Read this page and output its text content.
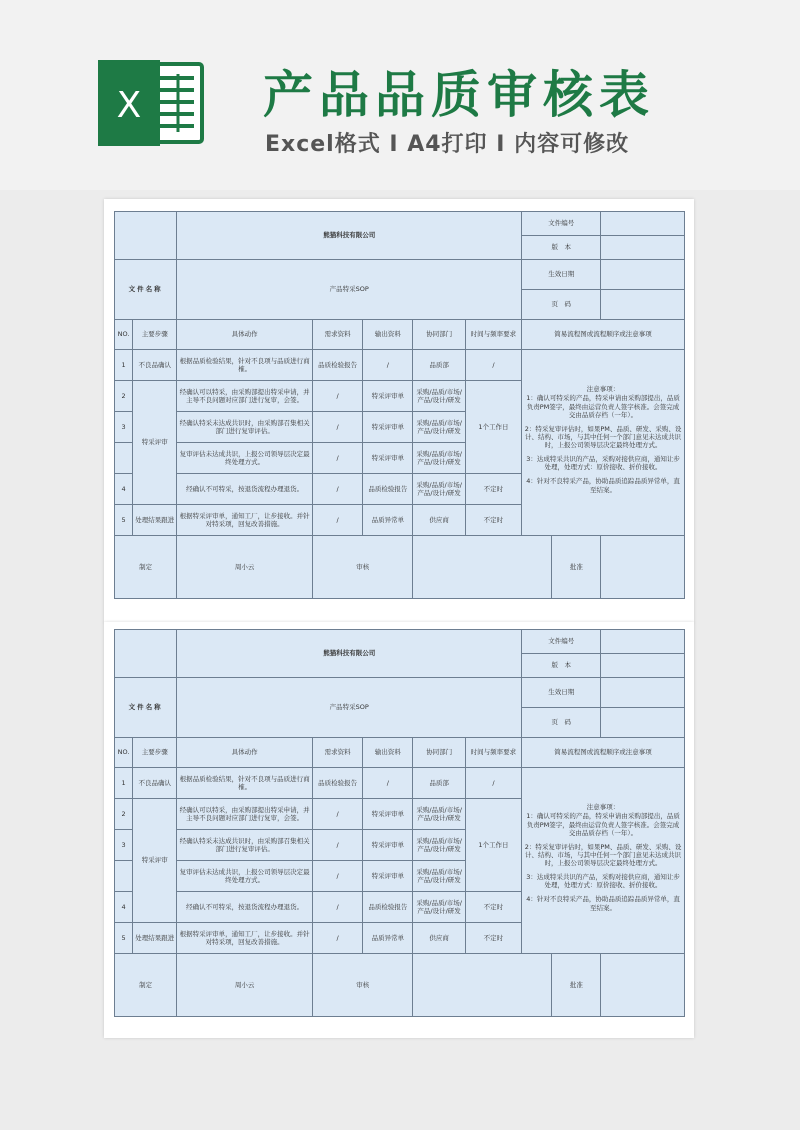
X 产品品质审核表
Excel格式 I A4打印 I 内容可修改
		熊猫科技有限公司					文件编号		
							版　本		
文件名称		产品特采SOP					生效日期		
							页　码		
NO.	主要步骤	具体动作	需求资料	输出资料	协同部门	时间与频率要求	简易流程图或流程顺序或注意事项		
1	不良品确认	根据品质检验结果，针对不良项与品质进行商榷。	品质检验报告	/	品质部	/	注意事项：
1：确认可特采的产品，特采申请由采购部提出，品质负责PM签字，最终由运营负责人签字核准。会签完成交由品质存档（一年）。
2：特采复审评估时，如果PM、品质、研发、采购、设计、结构、市场，与其中任何一个部门意见未达成共识时，上报公司领导层决定最终处理方式。
3：达成特采共识的产品，采购对接供应商，通知让步处理，处理方式：原价接收、折价接收。
4：针对不良特采产品，协助品质追踪品质异常单，直至结案。		

2	特采评审	经确认可以特采，由采购部提出特采申请，并主导不良问题对应部门进行复审，会签。	/	特采评审单	采购/品质/市场/产品/设计/研发	1个工作日			
3		经确认特采未达成共识时，由采购部召集相关部门进行复审评估。	/	特采评审单	采购/品质/市场/产品/设计/研发				
		复审评估未达成共识，上报公司领导层决定最终处理方式。	/	特采评审单	采购/品质/市场/产品/设计/研发				
4		经确认不可特采，按退货流程办理退货。	/	品质检验报告	采购/品质/市场/产品/设计/研发	不定时			
5	处理结果跟进	根据特采评审单，通知工厂，让步接收。并针对特采项，回复改善措施。	/	品质异常单	供应商	不定时			
制定		周小云	审核					批准	
		熊猫科技有限公司					文件编号		
							版　本		
文件名称		产品特采SOP					生效日期		
							页　码		
NO.	主要步骤	具体动作	需求资料	输出资料	协同部门	时间与频率要求	简易流程图或流程顺序或注意事项		
1	不良品确认	根据品质检验结果，针对不良项与品质进行商榷。	品质检验报告	/	品质部	/	注意事项：
1：确认可特采的产品，特采申请由采购部提出，品质负责PM签字，最终由运营负责人签字核准。会签完成交由品质存档（一年）。
2：特采复审评估时，如果PM、品质、研发、采购、设计、结构、市场，与其中任何一个部门意见未达成共识时，上报公司领导层决定最终处理方式。
3：达成特采共识的产品，采购对接供应商，通知让步处理，处理方式：原价接收、折价接收。
4：针对不良特采产品，协助品质追踪品质异常单，直至结案。		

2	特采评审	经确认可以特采，由采购部提出特采申请，并主导不良问题对应部门进行复审，会签。	/	特采评审单	采购/品质/市场/产品/设计/研发	1个工作日			
3		经确认特采未达成共识时，由采购部召集相关部门进行复审评估。	/	特采评审单	采购/品质/市场/产品/设计/研发				
		复审评估未达成共识，上报公司领导层决定最终处理方式。	/	特采评审单	采购/品质/市场/产品/设计/研发				
4		经确认不可特采，按退货流程办理退货。	/	品质检验报告	采购/品质/市场/产品/设计/研发	不定时			
5	处理结果跟进	根据特采评审单，通知工厂，让步接收。并针对特采项，回复改善措施。	/	品质异常单	供应商	不定时			
制定		周小云	审核					批准	
